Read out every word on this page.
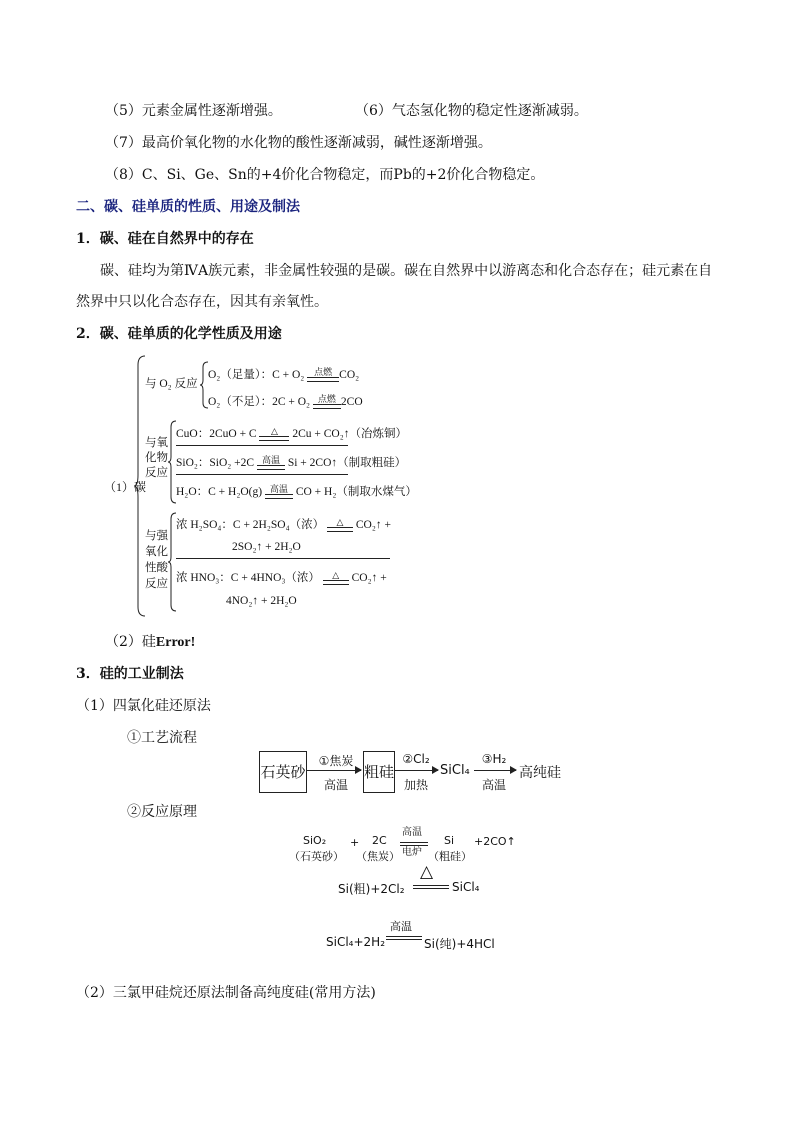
（5）元素金属性逐渐增强。	（6）气态氢化物的稳定性逐渐减弱。
（7）最高价氧化物的水化物的酸性逐渐减弱，碱性逐渐增强。
（8）C、Si、Ge、Sn的+4价化合物稳定，而Pb的+2价化合物稳定。
二、碳、硅单质的性质、用途及制法
1．碳、硅在自然界中的存在
碳、硅均为第ⅣA族元素，非金属性较强的是碳。碳在自然界中以游离态和化合态存在；硅元素在自
然界中只以化合态存在，因其有亲氧性。
2．碳、硅单质的化学性质及用途
（1）碳
与 O₂ 反应
O₂（足量）：C + O₂	点燃 CO₂
O₂（不足）：2C + O₂ 点燃 2CO
与氧
化物
反应
CuO：2CuO + C	△	2Cu + CO₂↑（冶炼铜）
SiO₂：SiO₂ +2C 高温 Si + 2CO↑（制取粗硅）
H₂O：C + H₂O(g) 高温 CO + H₂（制取水煤气）
与强
氧化
性酸
反应
浓 H₂SO₄：C + 2H₂SO₄（浓）	△	CO₂↑ +
2SO₂↑ + 2H₂O
浓 HNO₃：C + 4HNO₃（浓）	△	CO₂↑ +
4NO₂↑ + 2H₂O
（2）硅Error!
3．硅的工业制法
（1）四氯化硅还原法
①工艺流程
石英砂
①焦炭
高温
粗硅
②Cl₂
加热
SiCl₄
③H₂
高温
高纯硅
②反应原理
SiO₂
（石英砂）
+ 2C
（焦炭）
高温
电炉
Si
（粗硅）
+2CO↑
Si(粗)+2Cl₂
△
SiCl₄
高温
SiCl₄+2H₂	Si(纯)+4HCl
（2）三氯甲硅烷还原法制备高纯度硅(常用方法)
